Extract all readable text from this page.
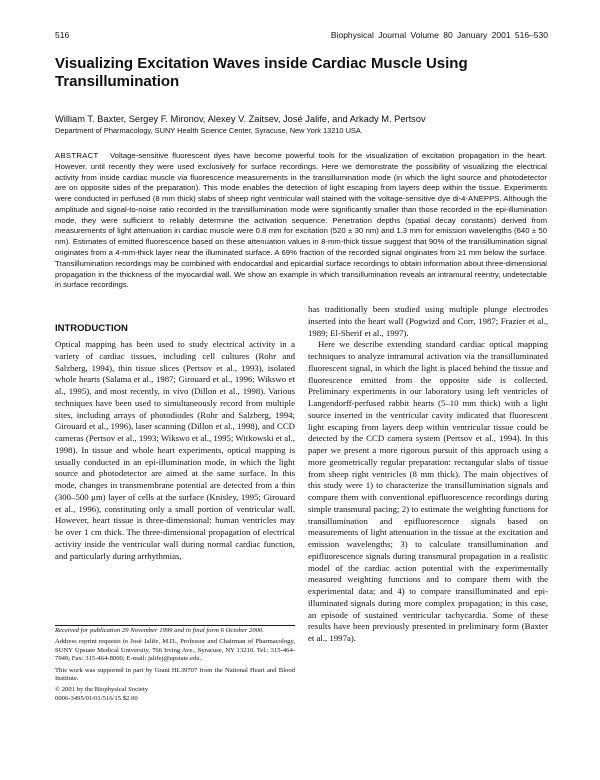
516	Biophysical Journal Volume 80 January 2001 516–530
Visualizing Excitation Waves inside Cardiac Muscle Using Transillumination
William T. Baxter, Sergey F. Mironov, Alexey V. Zaitsev, José Jalife, and Arkady M. Pertsov
Department of Pharmacology, SUNY Health Science Center, Syracuse, New York 13210 USA

ABSTRACT Voltage-sensitive fluorescent dyes have become powerful tools for the visualization of excitation propagation in the heart. However, until recently they were used exclusively for surface recordings. Here we demonstrate the possibility of visualizing the electrical activity from inside cardiac muscle via fluorescence measurements in the transillumination mode (in which the light source and photodetector are on opposite sides of the preparation). This mode enables the detection of light escaping from layers deep within the tissue. Experiments were conducted in perfused (8 mm thick) slabs of sheep right ventricular wall stained with the voltage-sensitive dye di-4-ANEPPS. Although the amplitude and signal-to-noise ratio recorded in the transillumination mode were significantly smaller than those recorded in the epi-illumination mode, they were sufficient to reliably determine the activation sequence. Penetration depths (spatial decay constants) derived from measurements of light attenuation in cardiac muscle were 0.8 mm for excitation (520 ± 30 nm) and 1.3 mm for emission wavelengths (640 ± 50 nm). Estimates of emitted fluorescence based on these attenuation values in 8-mm-thick tissue suggest that 90% of the transillumination signal originates from a 4-mm-thick layer near the illuminated surface. A 69% fraction of the recorded signal originates from ≥1 mm below the surface. Transillumination recordings may be combined with endocardial and epicardial surface recordings to obtain information about three-dimensional propagation in the thickness of the myocardial wall. We show an example in which transillumination reveals an intramural reentry, undetectable in surface recordings.

INTRODUCTION

Optical mapping has been used to study electrical activity in a variety of cardiac tissues, including cell cultures (Rohr and Salzberg, 1994), thin tissue slices (Pertsov et al., 1993), isolated whole hearts (Salama et al., 1987; Girouard et al., 1996; Wikswo et al., 1995), and most recently, in vivo (Dillon et al., 1998). Various techniques have been used to simultaneously record from multiple sites, including arrays of photodiodes (Rohr and Salzberg, 1994; Girouard et al., 1996), laser scanning (Dillon et al., 1998), and CCD cameras (Pertsov et al., 1993; Wikswo et al., 1995; Witkowski et al., 1998). In tissue and whole heart experiments, optical mapping is usually conducted in an epi-illumination mode, in which the light source and photodetector are aimed at the same surface. In this mode, changes in transmembrane potential are detected from a thin (300–500 μm) layer of cells at the surface (Knisley, 1995; Girouard et al., 1996), constituting only a small portion of ventricular wall. However, heart tissue is three-dimensional: human ventricles may be over 1 cm thick. The three-dimensional propagation of electrical activity inside the ventricular wall during normal cardiac function, and particularly during arrhythmias,

has traditionally been studied using multiple plunge electrodes inserted into the heart wall (Pogwizd and Corr, 1987; Frazier et al., 1989; El-Sherif et al., 1997).

Here we describe extending standard cardiac optical mapping techniques to analyze intramural activation via the transilluminated fluorescent signal, in which the light is placed behind the tissue and fluorescence emitted from the opposite side is collected. Preliminary experiments in our laboratory using left ventricles of Langendorff-perfused rabbit hearts (5–10 mm thick) with a light source inserted in the ventricular cavity indicated that fluorescent light escaping from layers deep within ventricular tissue could be detected by the CCD camera system (Pertsov et al., 1994). In this paper we present a more rigorous pursuit of this approach using a more geometrically regular preparation: rectangular slabs of tissue from sheep right ventricles (8 mm thick). The main objectives of this study were 1) to characterize the transillumination signals and compare them with conventional epifluorescence recordings during simple transmural pacing; 2) to estimate the weighting functions for transillumination and epifluorescence signals based on measurements of light attenuation in the tissue at the excitation and emission wavelengths; 3) to calculate transillumination and epifluorescence signals during transmural propagation in a realistic model of the cardiac action potential with the experimentally measured weighting functions and to compare them with the experimental data; and 4) to compare transilluminated and epi-illuminated signals during more complex propagation; in this case, an episode of sustained ventricular tachycardia. Some of these results have been previously presented in preliminary form (Baxter et al., 1997a).

Received for publication 29 November 1999 and in final form 6 October 2000.

Address reprint requests to José Jalife, M.D., Professor and Chairman of Pharmacology, SUNY Upstate Medical University, 766 Irving Ave., Syracuse, NY 13210. Tel.: 315-464-7949; Fax: 315-464-8000; E-mail: jalifej@upstate.edu.

This work was supported in part by Grant HL39707 from the National Heart and Blood Institute.

© 2001 by the Biophysical Society

0006-3495/01/01/516/15 $2.00
